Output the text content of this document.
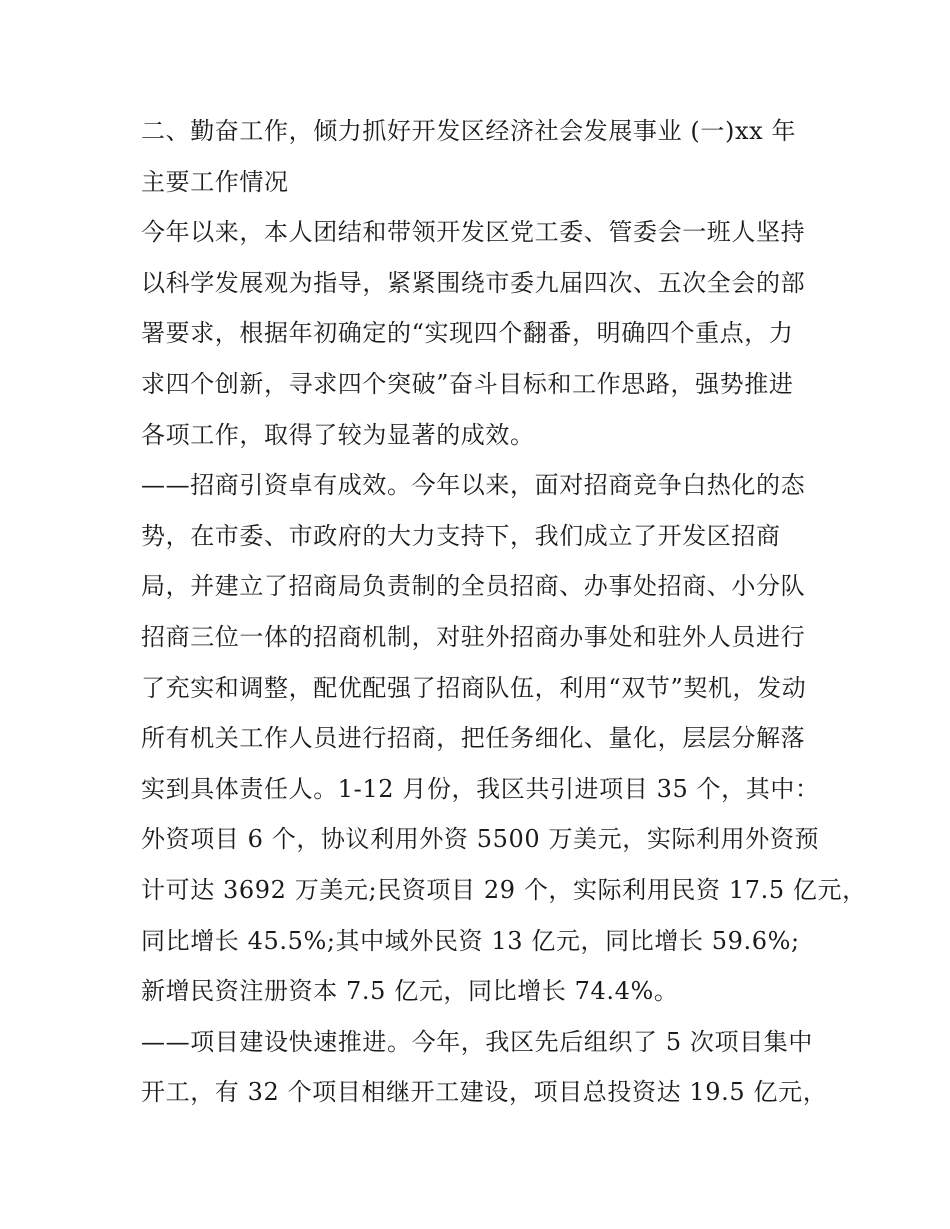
二、勤奋工作，倾力抓好开发区经济社会发展事业 (一)xx 年
主要工作情况
今年以来，本人团结和带领开发区党工委、管委会一班人坚持
以科学发展观为指导，紧紧围绕市委九届四次、五次全会的部
署要求，根据年初确定的“实现四个翻番，明确四个重点，力
求四个创新，寻求四个突破”奋斗目标和工作思路，强势推进
各项工作，取得了较为显著的成效。
——招商引资卓有成效。今年以来，面对招商竞争白热化的态
势，在市委、市政府的大力支持下，我们成立了开发区招商
局，并建立了招商局负责制的全员招商、办事处招商、小分队
招商三位一体的招商机制，对驻外招商办事处和驻外人员进行
了充实和调整，配优配强了招商队伍，利用“双节”契机，发动
所有机关工作人员进行招商，把任务细化、量化，层层分解落
实到具体责任人。1-12 月份，我区共引进项目 35 个，其中：
外资项目 6 个，协议利用外资 5500 万美元，实际利用外资预
计可达 3692 万美元;民资项目 29 个，实际利用民资 17.5 亿元，
同比增长 45.5%;其中域外民资 13 亿元，同比增长 59.6%;
新增民资注册资本 7.5 亿元，同比增长 74.4%。
——项目建设快速推进。今年，我区先后组织了 5 次项目集中
开工，有 32 个项目相继开工建设，项目总投资达 19.5 亿元，
